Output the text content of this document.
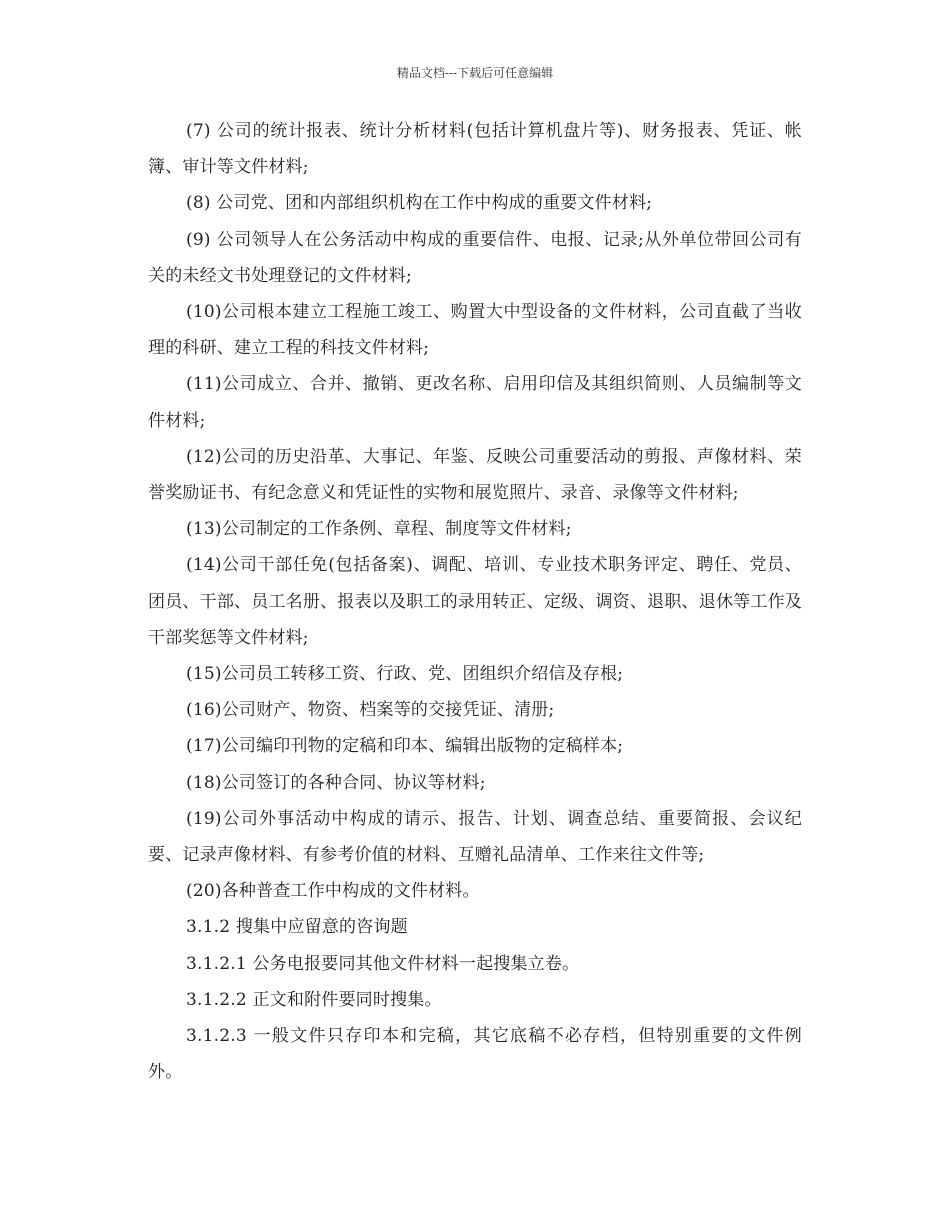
精品文档---下载后可任意编辑

(7) 公司的统计报表、统计分析材料(包括计算机盘片等)、财务报表、凭证、帐簿、审计等文件材料;

(8) 公司党、团和内部组织机构在工作中构成的重要文件材料;

(9) 公司领导人在公务活动中构成的重要信件、电报、记录;从外单位带回公司有关的未经文书处理登记的文件材料;

(10)公司根本建立工程施工竣工、购置大中型设备的文件材料，公司直截了当收理的科研、建立工程的科技文件材料;

(11)公司成立、合并、撤销、更改名称、启用印信及其组织简则、人员编制等文件材料;

(12)公司的历史沿革、大事记、年鉴、反映公司重要活动的剪报、声像材料、荣誉奖励证书、有纪念意义和凭证性的实物和展览照片、录音、录像等文件材料;

(13)公司制定的工作条例、章程、制度等文件材料;

(14)公司干部任免(包括备案)、调配、培训、专业技术职务评定、聘任、党员、团员、干部、员工名册、报表以及职工的录用转正、定级、调资、退职、退休等工作及干部奖惩等文件材料;

(15)公司员工转移工资、行政、党、团组织介绍信及存根;

(16)公司财产、物资、档案等的交接凭证、清册;

(17)公司编印刊物的定稿和印本、编辑出版物的定稿样本;

(18)公司签订的各种合同、协议等材料;

(19)公司外事活动中构成的请示、报告、计划、调查总结、重要简报、会议纪要、记录声像材料、有参考价值的材料、互赠礼品清单、工作来往文件等;

(20)各种普查工作中构成的文件材料。

3.1.2 搜集中应留意的咨询题

3.1.2.1 公务电报要同其他文件材料一起搜集立卷。

3.1.2.2 正文和附件要同时搜集。

3.1.2.3 一般文件只存印本和完稿，其它底稿不必存档，但特别重要的文件例外。
